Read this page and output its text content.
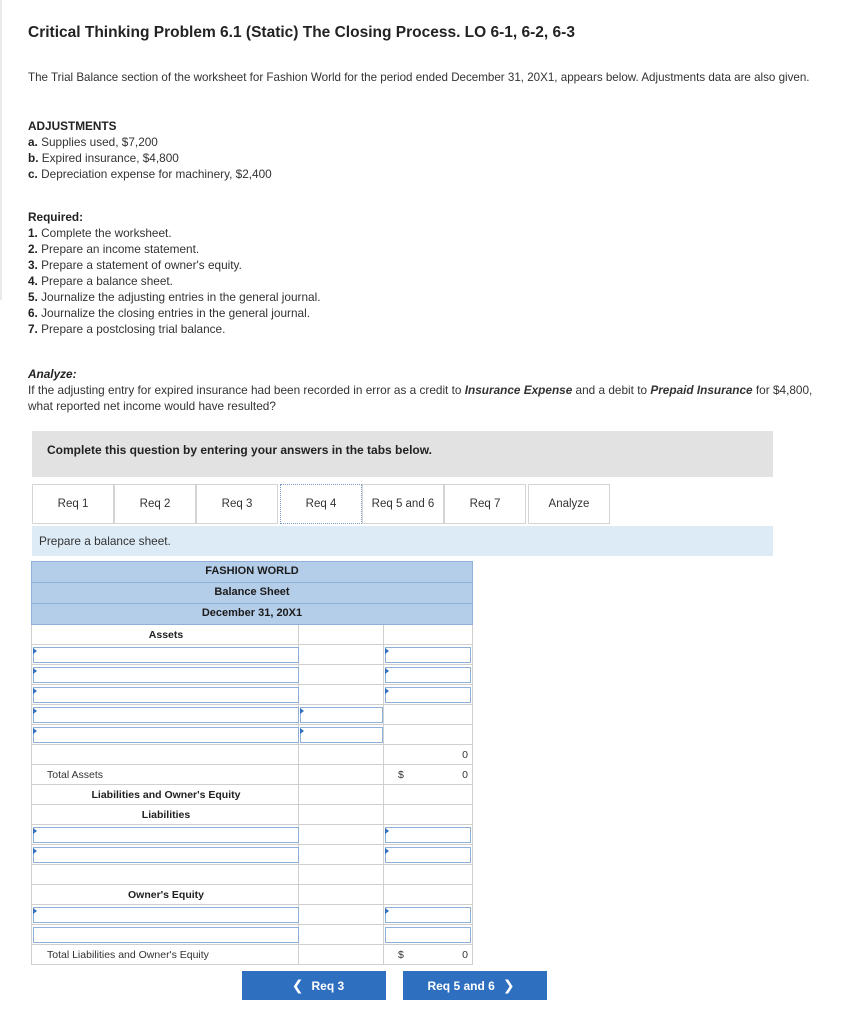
Critical Thinking Problem 6.1 (Static) The Closing Process. LO 6-1, 6-2, 6-3
The Trial Balance section of the worksheet for Fashion World for the period ended December 31, 20X1, appears below. Adjustments data are also given.
ADJUSTMENTS
a. Supplies used, $7,200
b. Expired insurance, $4,800
c. Depreciation expense for machinery, $2,400
Required:
1. Complete the worksheet.
2. Prepare an income statement.
3. Prepare a statement of owner's equity.
4. Prepare a balance sheet.
5. Journalize the adjusting entries in the general journal.
6. Journalize the closing entries in the general journal.
7. Prepare a postclosing trial balance.
Analyze:
If the adjusting entry for expired insurance had been recorded in error as a credit to Insurance Expense and a debit to Prepaid Insurance for $4,800, what reported net income would have resulted?
Complete this question by entering your answers in the tabs below.
Req 1	Req 2	Req 3	Req 4	Req 5 and 6	Req 7	Analyze
Prepare a balance sheet.
FASHION WORLD
Balance Sheet
December 31, 20X1
Assets
0
Total Assets	$	0
Liabilities and Owner's Equity
Liabilities
Owner's Equity
Total Liabilities and Owner's Equity	$	0
❮ Req 3	Req 5 and 6 ❯
